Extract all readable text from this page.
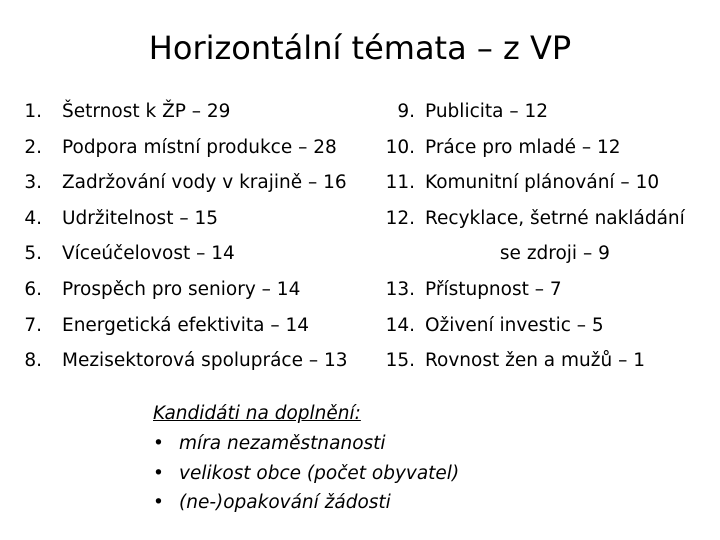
Horizontální témata – z VP
1. Šetrnost k ŽP – 29
2. Podpora místní produkce – 28
3. Zadržování vody v krajině – 16
4. Udržitelnost – 15
5. Víceúčelovost – 14
6. Prospěch pro seniory – 14
7. Energetická efektivita – 14
8. Mezisektorová spolupráce – 13
9. Publicita – 12
10. Práce pro mladé – 12
11. Komunitní plánování – 10
12. Recyklace, šetrné nakládání
se zdroji – 9
13. Přístupnost – 7
14. Oživení investic – 5
15. Rovnost žen a mužů – 1
Kandidáti na doplnění:
• míra nezaměstnanosti
• velikost obce (počet obyvatel)
• (ne-)opakování žádosti
